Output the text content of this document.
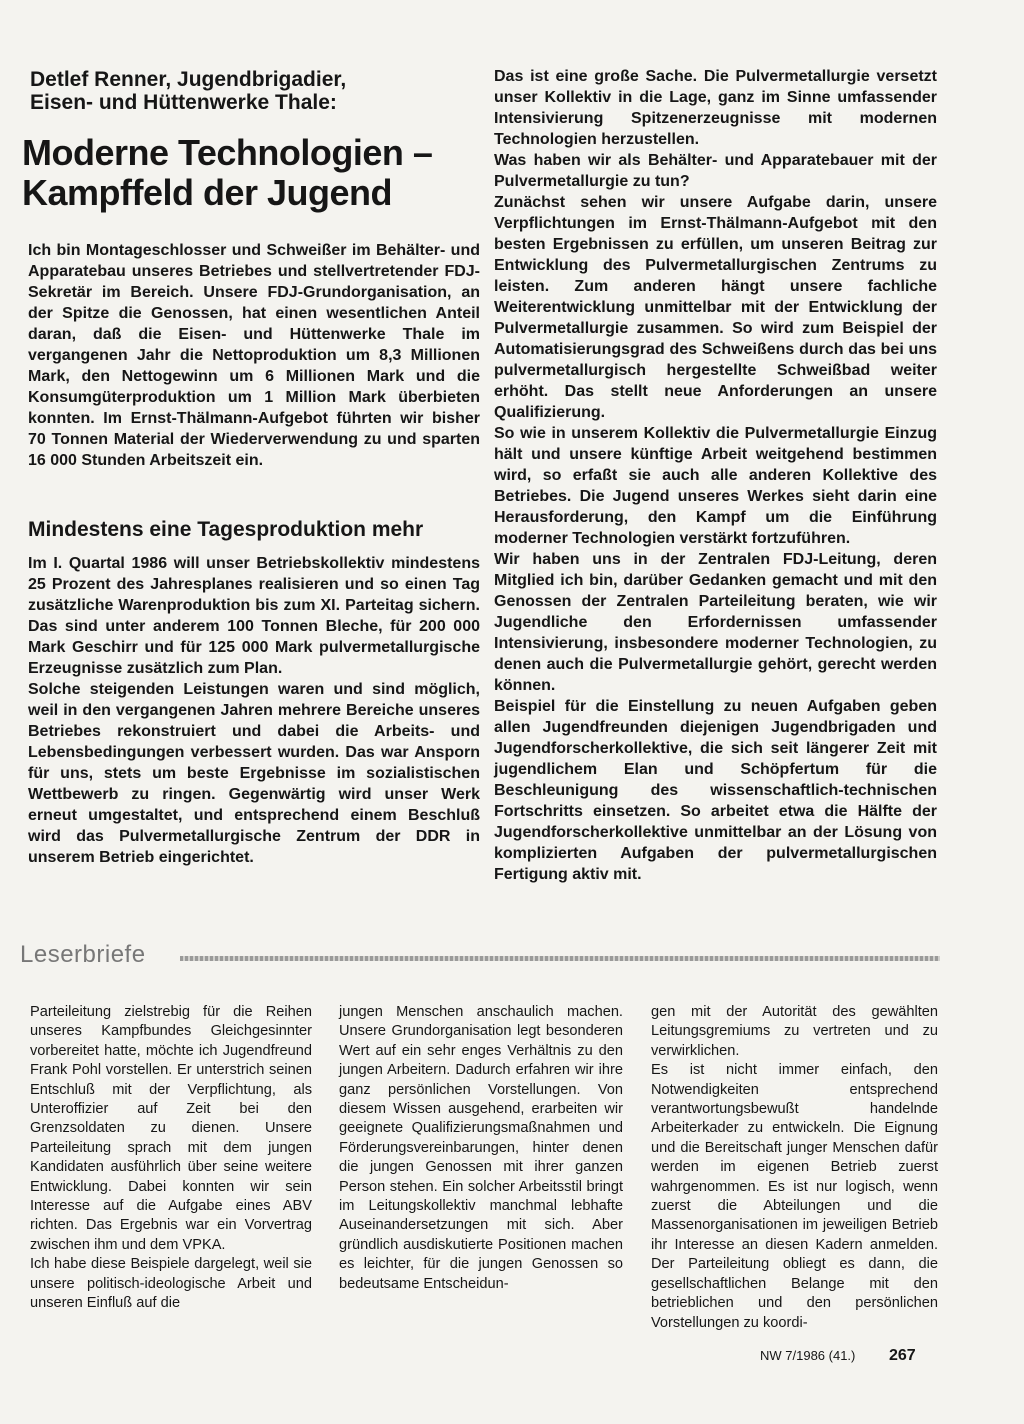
Detlef Renner, Jugendbrigadier,
Eisen- und Hüttenwerke Thale:
Moderne Technologien –
Kampffeld der Jugend

Ich bin Montageschlosser und Schweißer im Behälter- und Apparatebau unseres Betriebes und stellvertretender FDJ-Sekretär im Bereich. Unsere FDJ-Grundorganisation, an der Spitze die Genossen, hat einen wesentlichen Anteil daran, daß die Eisen- und Hüttenwerke Thale im vergangenen Jahr die Nettoproduktion um 8,3 Millionen Mark, den Nettogewinn um 6 Millionen Mark und die Konsumgüterproduktion um 1 Million Mark überbieten konnten. Im Ernst-Thälmann-Aufgebot führten wir bisher 70 Tonnen Material der Wiederverwendung zu und sparten 16 000 Stunden Arbeitszeit ein.

Mindestens eine Tagesproduktion mehr

Im I. Quartal 1986 will unser Betriebskollektiv mindestens 25 Prozent des Jahresplanes realisieren und so einen Tag zusätzliche Warenproduktion bis zum XI. Parteitag sichern. Das sind unter anderem 100 Tonnen Bleche, für 200 000 Mark Geschirr und für 125 000 Mark pulvermetallurgische Erzeugnisse zusätzlich zum Plan.

Solche steigenden Leistungen waren und sind möglich, weil in den vergangenen Jahren mehrere Bereiche unseres Betriebes rekonstruiert und dabei die Arbeits- und Lebensbedingungen verbessert wurden. Das war Ansporn für uns, stets um beste Ergebnisse im sozialistischen Wettbewerb zu ringen. Gegenwärtig wird unser Werk erneut umgestaltet, und entsprechend einem Beschluß wird das Pulvermetallurgische Zentrum der DDR in unserem Betrieb eingerichtet.

Das ist eine große Sache. Die Pulvermetallurgie versetzt unser Kollektiv in die Lage, ganz im Sinne umfassender Intensivierung Spitzenerzeugnisse mit modernen Technologien herzustellen.

Was haben wir als Behälter- und Apparatebauer mit der Pulvermetallurgie zu tun?

Zunächst sehen wir unsere Aufgabe darin, unsere Verpflichtungen im Ernst-Thälmann-Aufgebot mit den besten Ergebnissen zu erfüllen, um unseren Beitrag zur Entwicklung des Pulvermetallurgischen Zentrums zu leisten. Zum anderen hängt unsere fachliche Weiterentwicklung unmittelbar mit der Entwicklung der Pulvermetallurgie zusammen. So wird zum Beispiel der Automatisierungsgrad des Schweißens durch das bei uns pulvermetallurgisch hergestellte Schweißbad weiter erhöht. Das stellt neue Anforderungen an unsere Qualifizierung.

So wie in unserem Kollektiv die Pulvermetallurgie Einzug hält und unsere künftige Arbeit weitgehend bestimmen wird, so erfaßt sie auch alle anderen Kollektive des Betriebes. Die Jugend unseres Werkes sieht darin eine Herausforderung, den Kampf um die Einführung moderner Technologien verstärkt fortzuführen.

Wir haben uns in der Zentralen FDJ-Leitung, deren Mitglied ich bin, darüber Gedanken gemacht und mit den Genossen der Zentralen Parteileitung beraten, wie wir Jugendliche den Erfordernissen umfassender Intensivierung, insbesondere moderner Technologien, zu denen auch die Pulvermetallurgie gehört, gerecht werden können.

Beispiel für die Einstellung zu neuen Aufgaben geben allen Jugendfreunden diejenigen Jugendbrigaden und Jugendforscherkollektive, die sich seit längerer Zeit mit jugendlichem Elan und Schöpfertum für die Beschleunigung des wissenschaftlich-technischen Fortschritts einsetzen. So arbeitet etwa die Hälfte der Jugendforscherkollektive unmittelbar an der Lösung von komplizierten Aufgaben der pulvermetallurgischen Fertigung aktiv mit.

Leserbriefe

Parteileitung zielstrebig für die Reihen unseres Kampfbundes Gleichgesinnter vorbereitet hatte, möchte ich Jugendfreund Frank Pohl vorstellen. Er unterstrich seinen Entschluß mit der Verpflichtung, als Unteroffizier auf Zeit bei den Grenzsoldaten zu dienen. Unsere Parteileitung sprach mit dem jungen Kandidaten ausführlich über seine weitere Entwicklung. Dabei konnten wir sein Interesse auf die Aufgabe eines ABV richten. Das Ergebnis war ein Vorvertrag zwischen ihm und dem VPKA.

Ich habe diese Beispiele dargelegt, weil sie unsere politisch-ideologische Arbeit und unseren Einfluß auf die

jungen Menschen anschaulich machen. Unsere Grundorganisation legt besonderen Wert auf ein sehr enges Verhältnis zu den jungen Arbeitern. Dadurch erfahren wir ihre ganz persönlichen Vorstellungen. Von diesem Wissen ausgehend, erarbeiten wir geeignete Qualifizierungsmaßnahmen und Förderungsvereinbarungen, hinter denen die jungen Genossen mit ihrer ganzen Person stehen. Ein solcher Arbeitsstil bringt im Leitungskollektiv manchmal lebhafte Auseinandersetzungen mit sich. Aber gründlich ausdiskutierte Positionen machen es leichter, für die jungen Genossen so bedeutsame Entscheidun-

gen mit der Autorität des gewählten Leitungsgremiums zu vertreten und zu verwirklichen.

Es ist nicht immer einfach, den Notwendigkeiten entsprechend verantwortungsbewußt handelnde Arbeiterkader zu entwickeln. Die Eignung und die Bereitschaft junger Menschen dafür werden im eigenen Betrieb zuerst wahrgenommen. Es ist nur logisch, wenn zuerst die Abteilungen und die Massenorganisationen im jeweiligen Betrieb ihr Interesse an diesen Kadern anmelden. Der Parteileitung obliegt es dann, die gesellschaftlichen Belange mit den betrieblichen und den persönlichen Vorstellungen zu koordi-

NW 7/1986 (41.) 267
